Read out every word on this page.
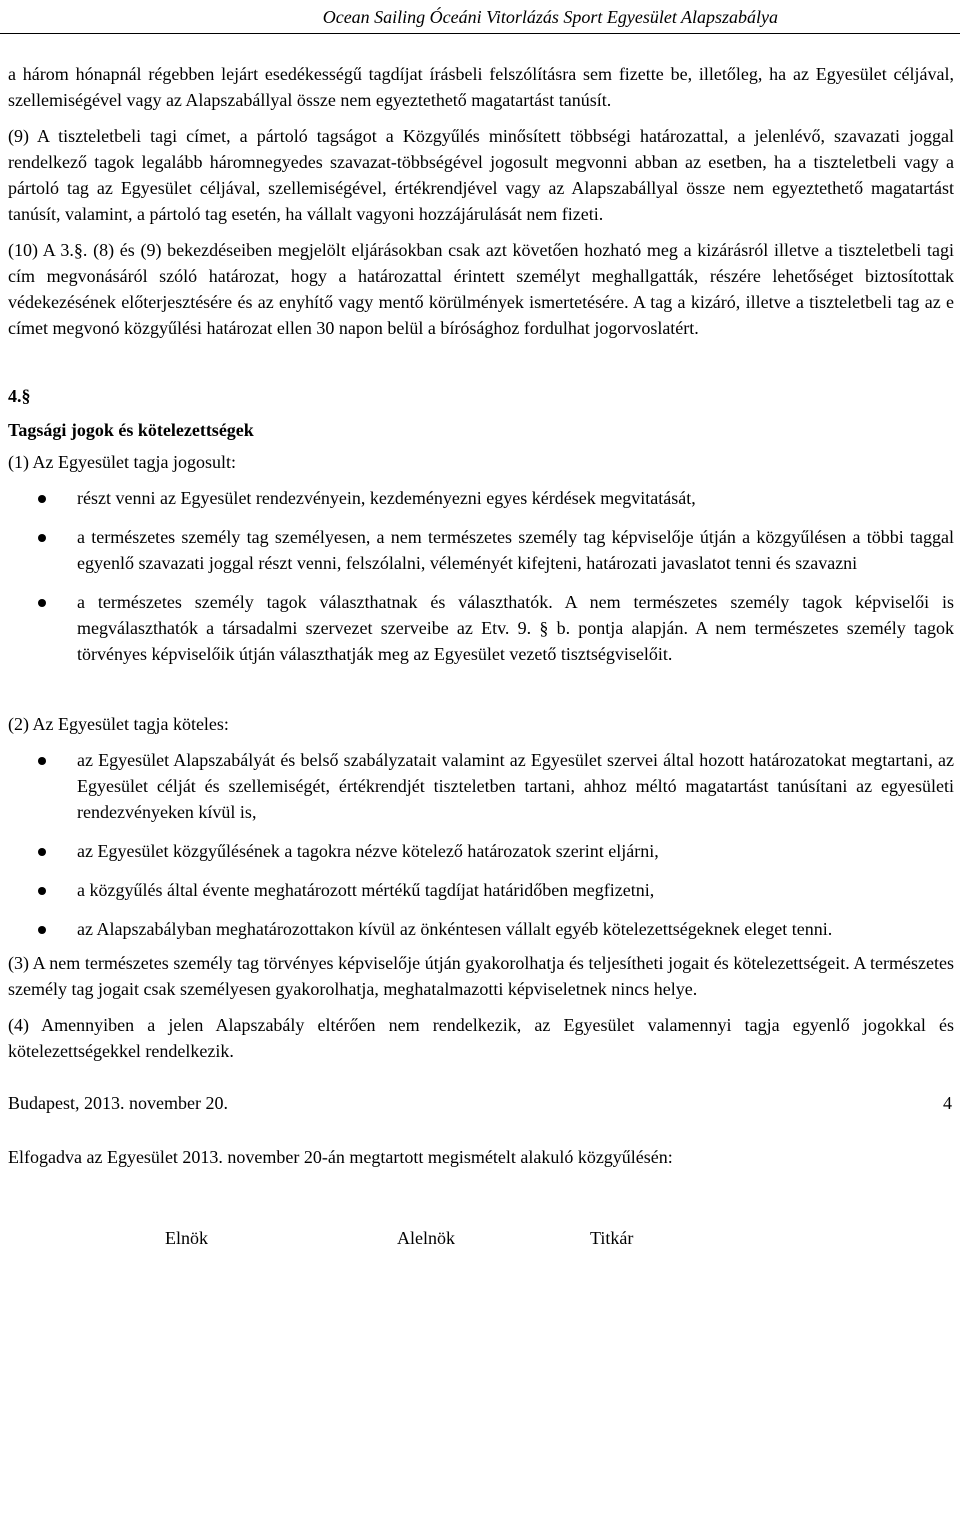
Ocean Sailing Óceáni Vitorlázás Sport Egyesület Alapszabálya

a három hónapnál régebben lejárt esedékességű tagdíjat írásbeli felszólításra sem fizette be, illetőleg, ha az Egyesület céljával, szellemiségével vagy az Alapszabállyal össze nem egyeztethető magatartást tanúsít.

(9) A tiszteletbeli tagi címet, a pártoló tagságot a Közgyűlés minősített többségi határozattal, a jelenlévő, szavazati joggal rendelkező tagok legalább háromnegyedes szavazat-többségével jogosult megvonni abban az esetben, ha a tiszteletbeli vagy a pártoló tag az Egyesület céljával, szellemiségével, értékrendjével vagy az Alapszabállyal össze nem egyeztethető magatartást tanúsít, valamint, a pártoló tag esetén, ha vállalt vagyoni hozzájárulását nem fizeti.

(10) A 3.§. (8) és (9) bekezdéseiben megjelölt eljárásokban csak azt követően hozható meg a kizárásról illetve a tiszteletbeli tagi cím megvonásáról szóló határozat, hogy a határozattal érintett személyt meghallgatták, részére lehetőséget biztosítottak védekezésének előterjesztésére és az enyhítő vagy mentő körülmények ismertetésére. A tag a kizáró, illetve a tiszteletbeli tag az e címet megvonó közgyűlési határozat ellen 30 napon belül a bírósághoz fordulhat jogorvoslatért.

4.§
Tagsági jogok és kötelezettségek

(1) Az Egyesület tagja jogosult:

részt venni az Egyesület rendezvényein, kezdeményezni egyes kérdések megvitatását,
a természetes személy tag személyesen, a nem természetes személy tag képviselője útján a közgyűlésen a többi taggal egyenlő szavazati joggal részt venni, felszólalni, véleményét kifejteni, határozati javaslatot tenni és szavazni
a természetes személy tagok választhatnak és választhatók. A nem természetes személy tagok képviselői is megválaszthatók a társadalmi szervezet szerveibe az Etv. 9. § b. pontja alapján. A nem természetes személy tagok törvényes képviselőik útján választhatják meg az Egyesület vezető tisztségviselőit.

(2) Az Egyesület tagja köteles:

az Egyesület Alapszabályát és belső szabályzatait valamint az Egyesület szervei által hozott határozatokat megtartani, az Egyesület célját és szellemiségét, értékrendjét tiszteletben tartani, ahhoz méltó magatartást tanúsítani az egyesületi rendezvényeken kívül is,
az Egyesület közgyűlésének a tagokra nézve kötelező határozatok szerint eljárni,
a közgyűlés által évente meghatározott mértékű tagdíjat határidőben megfizetni,
az Alapszabályban meghatározottakon kívül az önkéntesen vállalt egyéb kötelezettségeknek eleget tenni.

(3) A nem természetes személy tag törvényes képviselője útján gyakorolhatja és teljesítheti jogait és kötelezettségeit. A természetes személy tag jogait csak személyesen gyakorolhatja, meghatalmazotti képviseletnek nincs helye.

(4) Amennyiben a jelen Alapszabály eltérően nem rendelkezik, az Egyesület valamennyi tagja egyenlő jogokkal és kötelezettségekkel rendelkezik.

Budapest, 2013. november 20.	4

Elfogadva az Egyesület 2013. november 20-án megtartott megismételt alakuló közgyűlésén:

Elnök	Alelnök	Titkár
